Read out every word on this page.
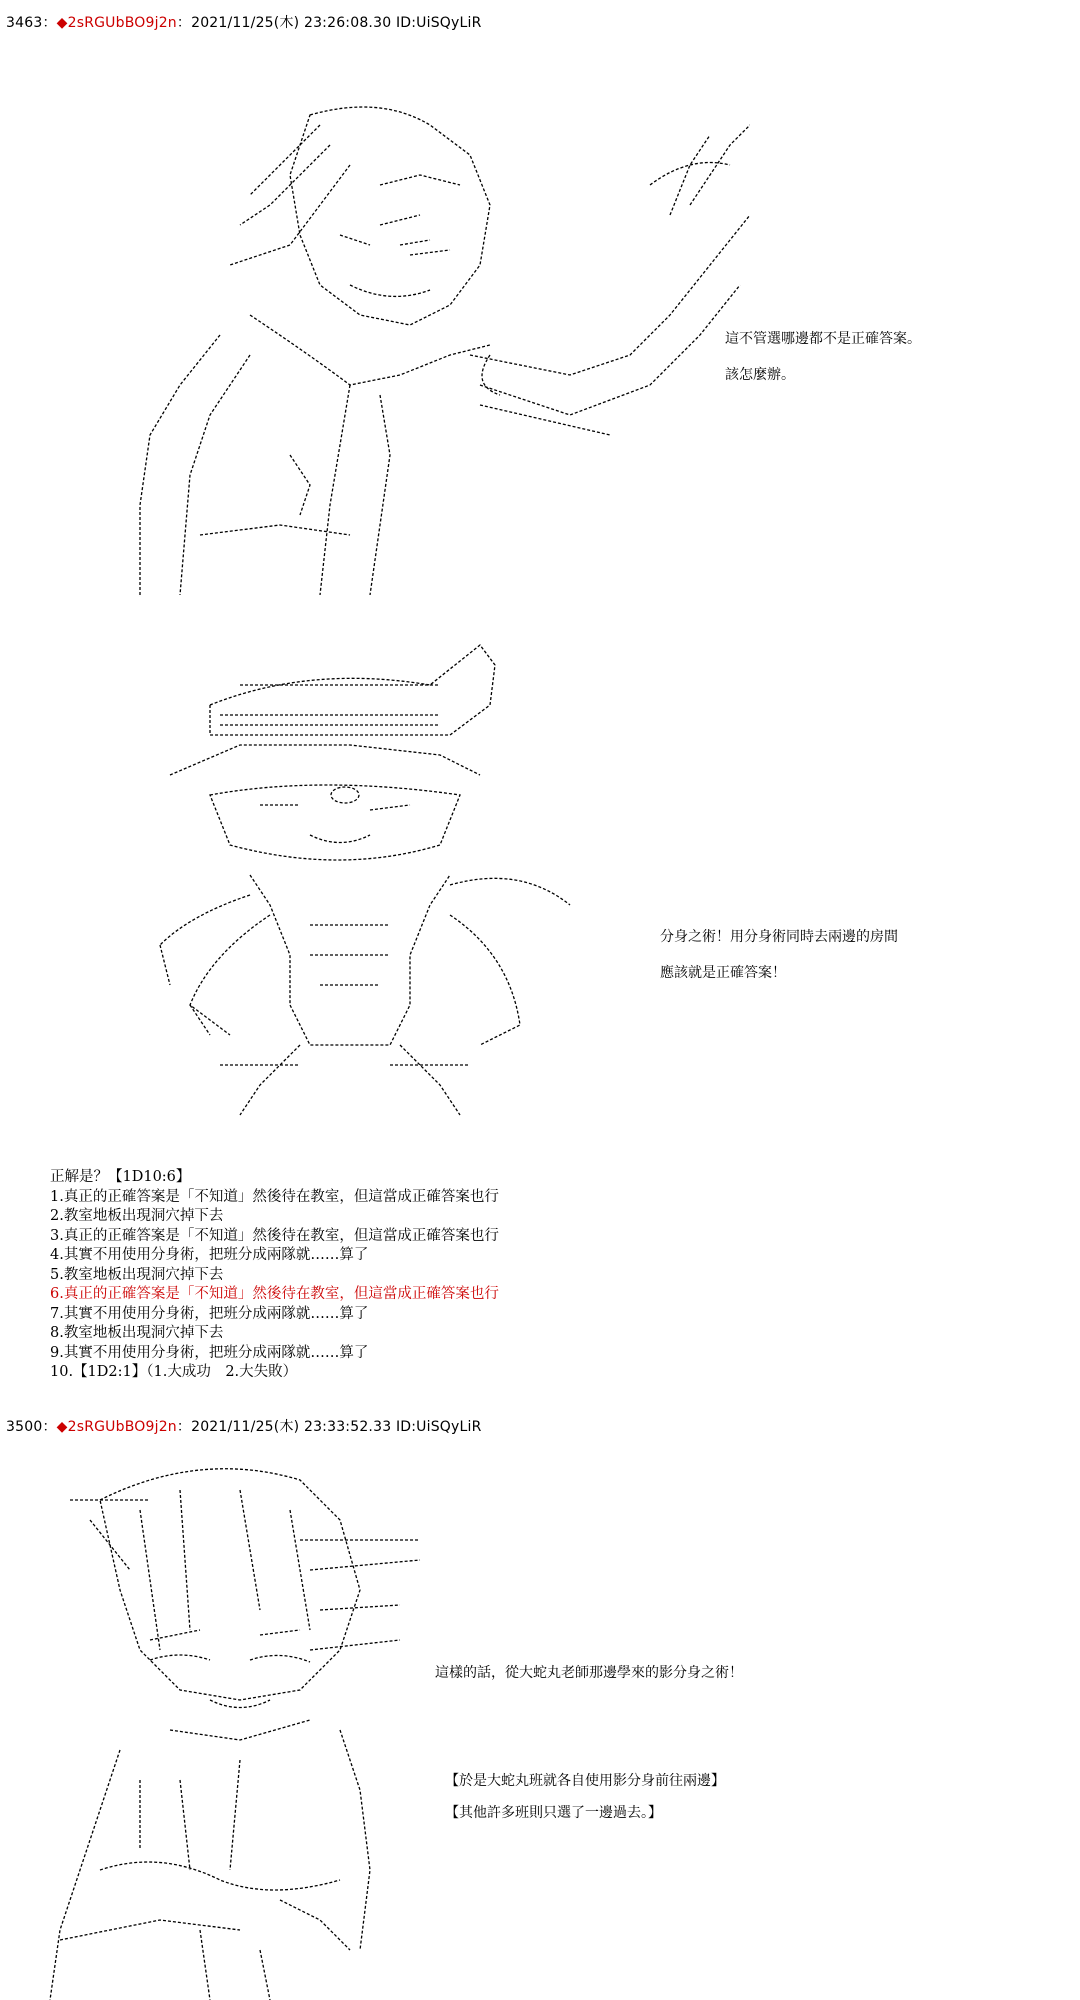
3463：◆2sRGUbBO9j2n：2021/11/25(木) 23:26:08.30 ID:UiSQyLiR
這不管選哪邊都不是正確答案。
該怎麼辦。
分身之術！用分身術同時去兩邊的房間
應該就是正確答案！
正解是？【1D10:6】
1.真正的正確答案是「不知道」然後待在教室，但這當成正確答案也行
2.教室地板出現洞穴掉下去
3.真正的正確答案是「不知道」然後待在教室，但這當成正確答案也行
4.其實不用使用分身術，把班分成兩隊就……算了
5.教室地板出現洞穴掉下去
6.真正的正確答案是「不知道」然後待在教室，但這當成正確答案也行
7.其實不用使用分身術，把班分成兩隊就……算了
8.教室地板出現洞穴掉下去
9.其實不用使用分身術，把班分成兩隊就……算了
10.【1D2:1】（1.大成功　2.大失敗）
3500：◆2sRGUbBO9j2n：2021/11/25(木) 23:33:52.33 ID:UiSQyLiR
這樣的話，從大蛇丸老師那邊學來的影分身之術！
【於是大蛇丸班就各自使用影分身前往兩邊】
【其他許多班則只選了一邊過去。】
